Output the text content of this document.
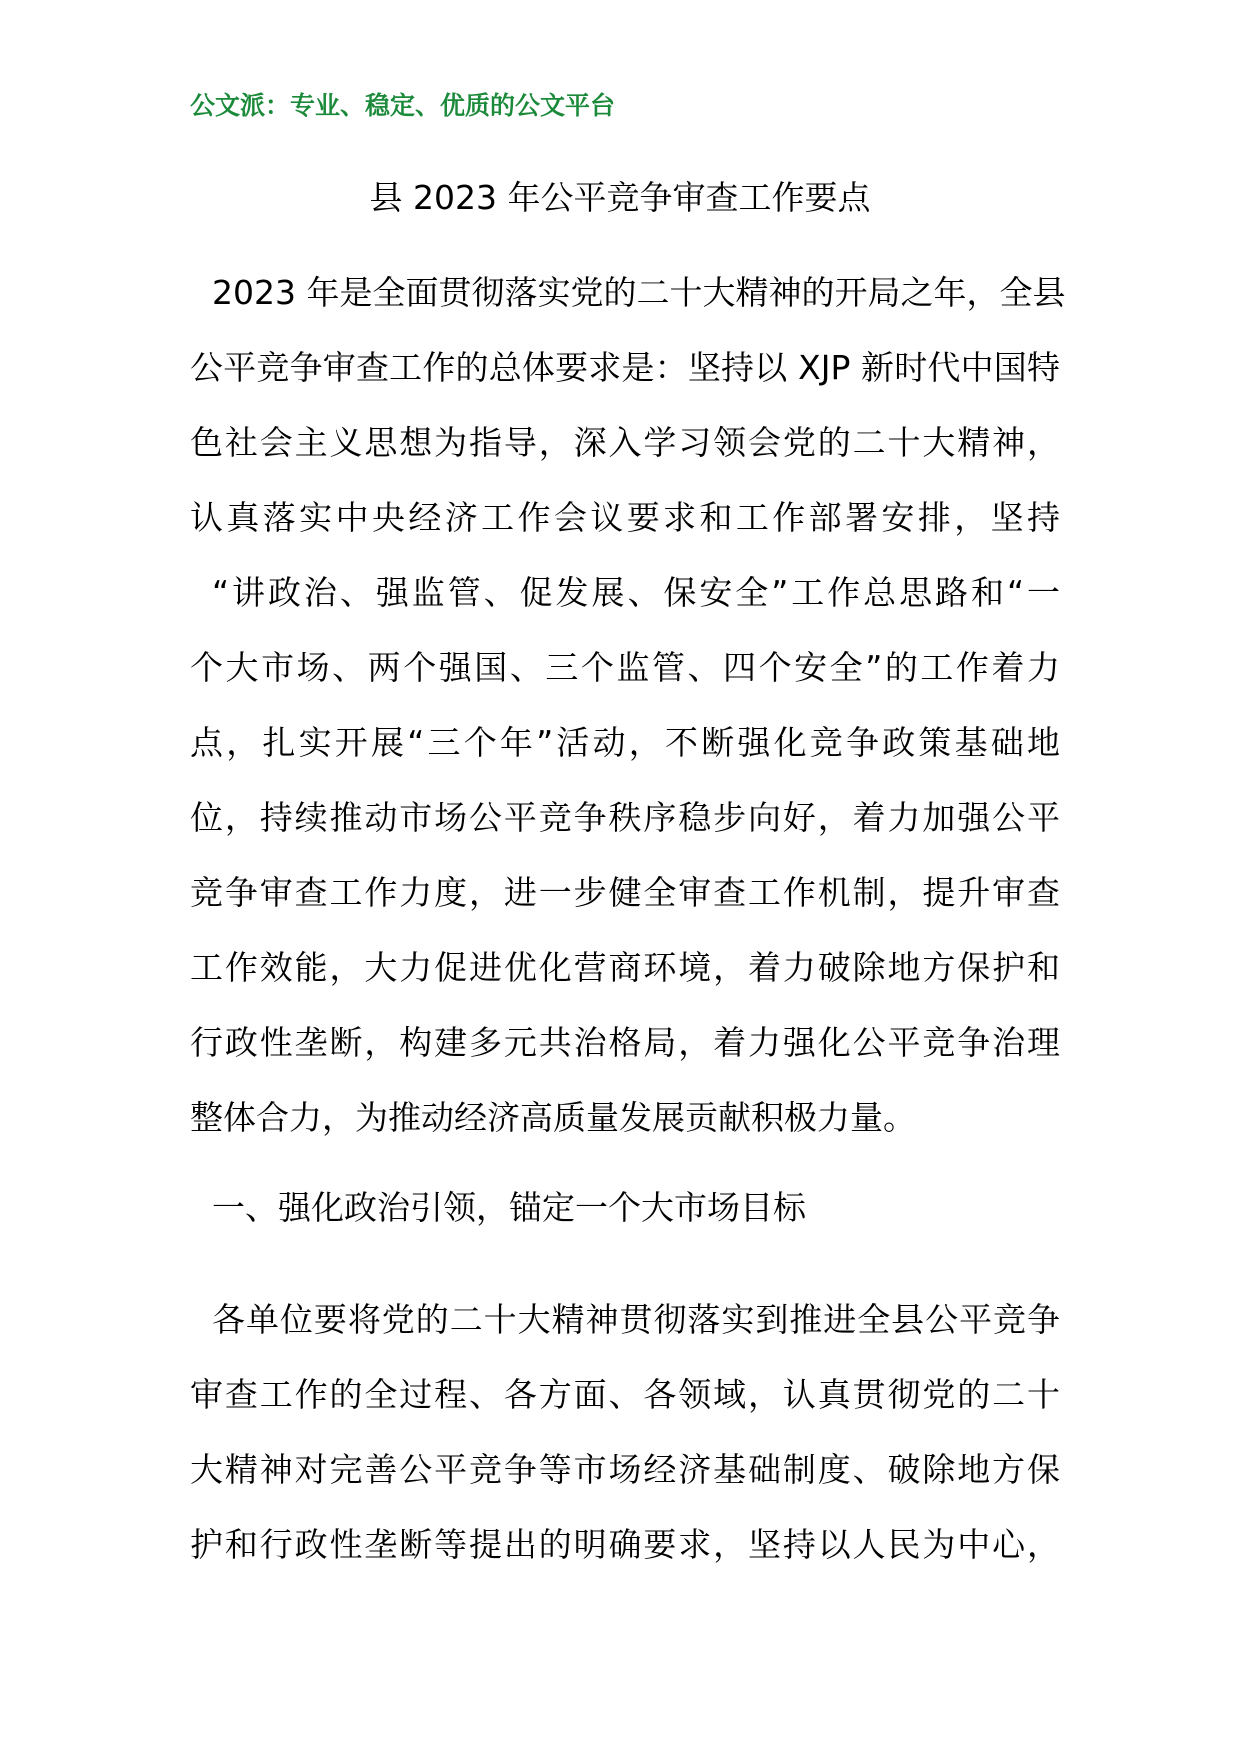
公文派：专业、稳定、优质的公文平台
县 2023 年公平竞争审查工作要点
2023 年是全面贯彻落实党的二十大精神的开局之年，全县
公平竞争审查工作的总体要求是：坚持以 XJP 新时代中国特
色社会主义思想为指导，深入学习领会党的二十大精神，
认真落实中央经济工作会议要求和工作部署安排，坚持
“讲政治、强监管、促发展、保安全”工作总思路和“一
个大市场、两个强国、三个监管、四个安全”的工作着力
点，扎实开展“三个年”活动，不断强化竞争政策基础地
位，持续推动市场公平竞争秩序稳步向好，着力加强公平
竞争审查工作力度，进一步健全审查工作机制，提升审查
工作效能，大力促进优化营商环境，着力破除地方保护和
行政性垄断，构建多元共治格局，着力强化公平竞争治理
整体合力，为推动经济高质量发展贡献积极力量。
一、强化政治引领，锚定一个大市场目标
各单位要将党的二十大精神贯彻落实到推进全县公平竞争
审查工作的全过程、各方面、各领域，认真贯彻党的二十
大精神对完善公平竞争等市场经济基础制度、破除地方保
护和行政性垄断等提出的明确要求，坚持以人民为中心，
